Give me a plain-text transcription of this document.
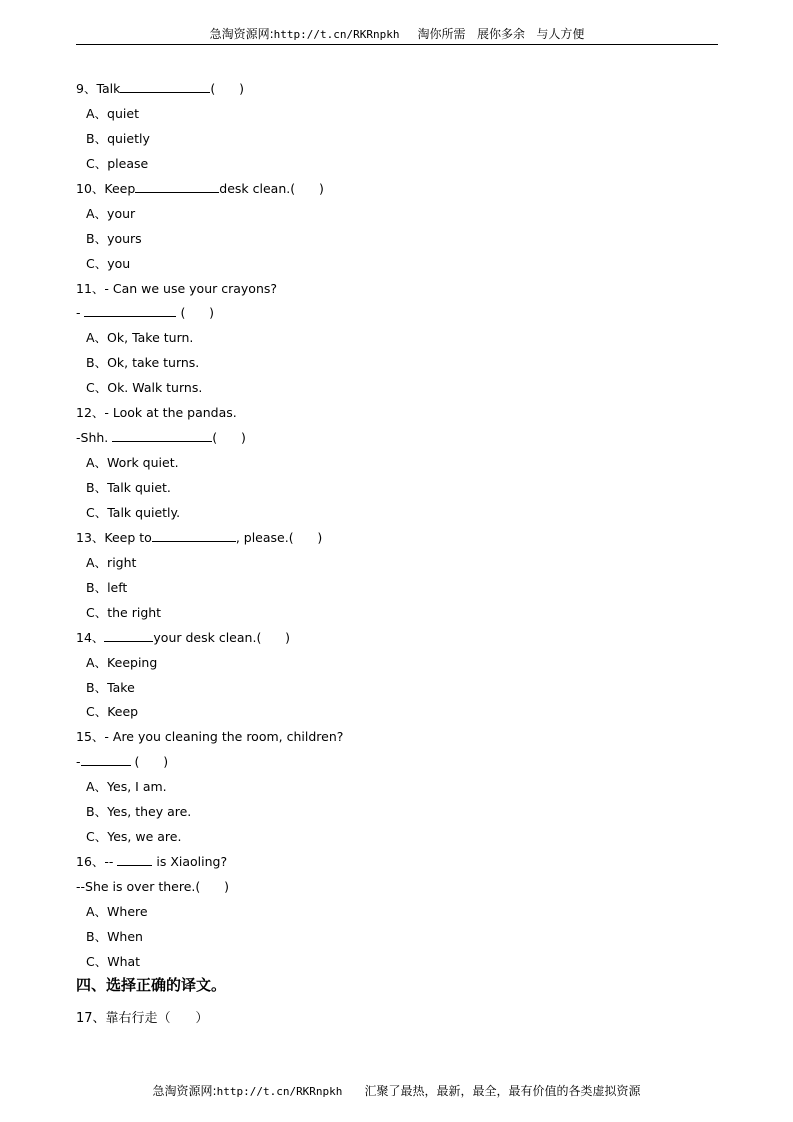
急淘资源网:http://t.cn/RKRnpkh 淘你所需   展你多余   与人方便
9、Talk	(      )
A、quiet
B、quietly
C、please
10、Keep	desk clean.(      )
A、your
B、yours
C、you
11、- Can we use your crayons?
-	(      )
A、Ok, Take turn.
B、Ok, take turns.
C、Ok. Walk turns.
12、- Look at the pandas.
-Shh.	(      )
A、Work quiet.
B、Talk quiet.
C、Talk quietly.
13、Keep to	, please.(      )
A、right
B、left
C、the right
14、	your desk clean.(      )
A、Keeping
B、Take
C、Keep
15、- Are you cleaning the room, children?
-	(      )
A、Yes, I am.
B、Yes, they are.
C、Yes, we are.
16、--	is Xiaoling?
--She is over there.(      )
A、Where
B、When
C、What
四、选择正确的译文。
17、靠右行走（      ）
急淘资源网:http://t.cn/RKRnpkh 汇聚了最热，最新，最全，最有价值的各类虚拟资源
